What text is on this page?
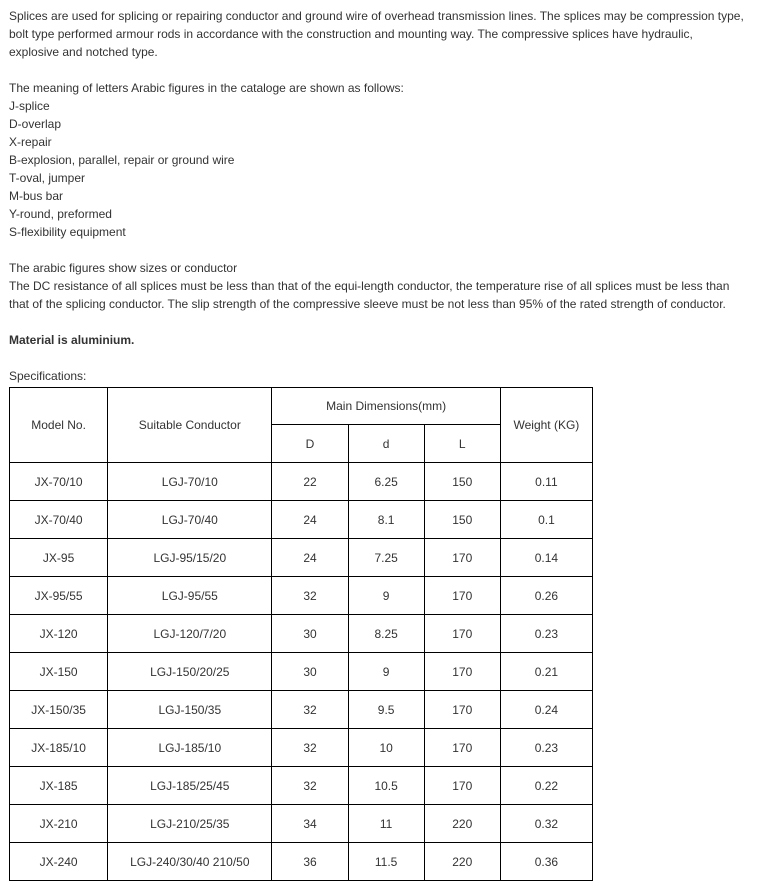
Splices are used for splicing or repairing conductor and ground wire of overhead transmission lines. The splices may be compression type,

bolt type performed armour rods in accordance with the construction and mounting way. The compressive splices have hydraulic,

explosive and notched type.

The meaning of letters Arabic figures in the cataloge are shown as follows:

J-splice

D-overlap

X-repair

B-explosion, parallel, repair or ground wire

T-oval, jumper

M-bus bar

Y-round, preformed

S-flexibility equipment

The arabic figures show sizes or conductor

The DC resistance of all splices must be less than that of the equi-length conductor, the temperature rise of all splices must be less than

that of the splicing conductor. The slip strength of the compressive sleeve must be not less than 95% of the rated strength of conductor.

Material is aluminium.

Specifications:

Model No.	Suitable Conductor	Main Dimensions(mm)			Weight (KG)
		D	d	L	
JX-70/10	LGJ-70/10	22	6.25	150	0.11
JX-70/40	LGJ-70/40	24	8.1	150	0.1
JX-95	LGJ-95/15/20	24	7.25	170	0.14
JX-95/55	LGJ-95/55	32	9	170	0.26
JX-120	LGJ-120/7/20	30	8.25	170	0.23
JX-150	LGJ-150/20/25	30	9	170	0.21
JX-150/35	LGJ-150/35	32	9.5	170	0.24
JX-185/10	LGJ-185/10	32	10	170	0.23
JX-185	LGJ-185/25/45	32	10.5	170	0.22
JX-210	LGJ-210/25/35	34	11	220	0.32
JX-240	LGJ-240/30/40 210/50	36	11.5	220	0.36
